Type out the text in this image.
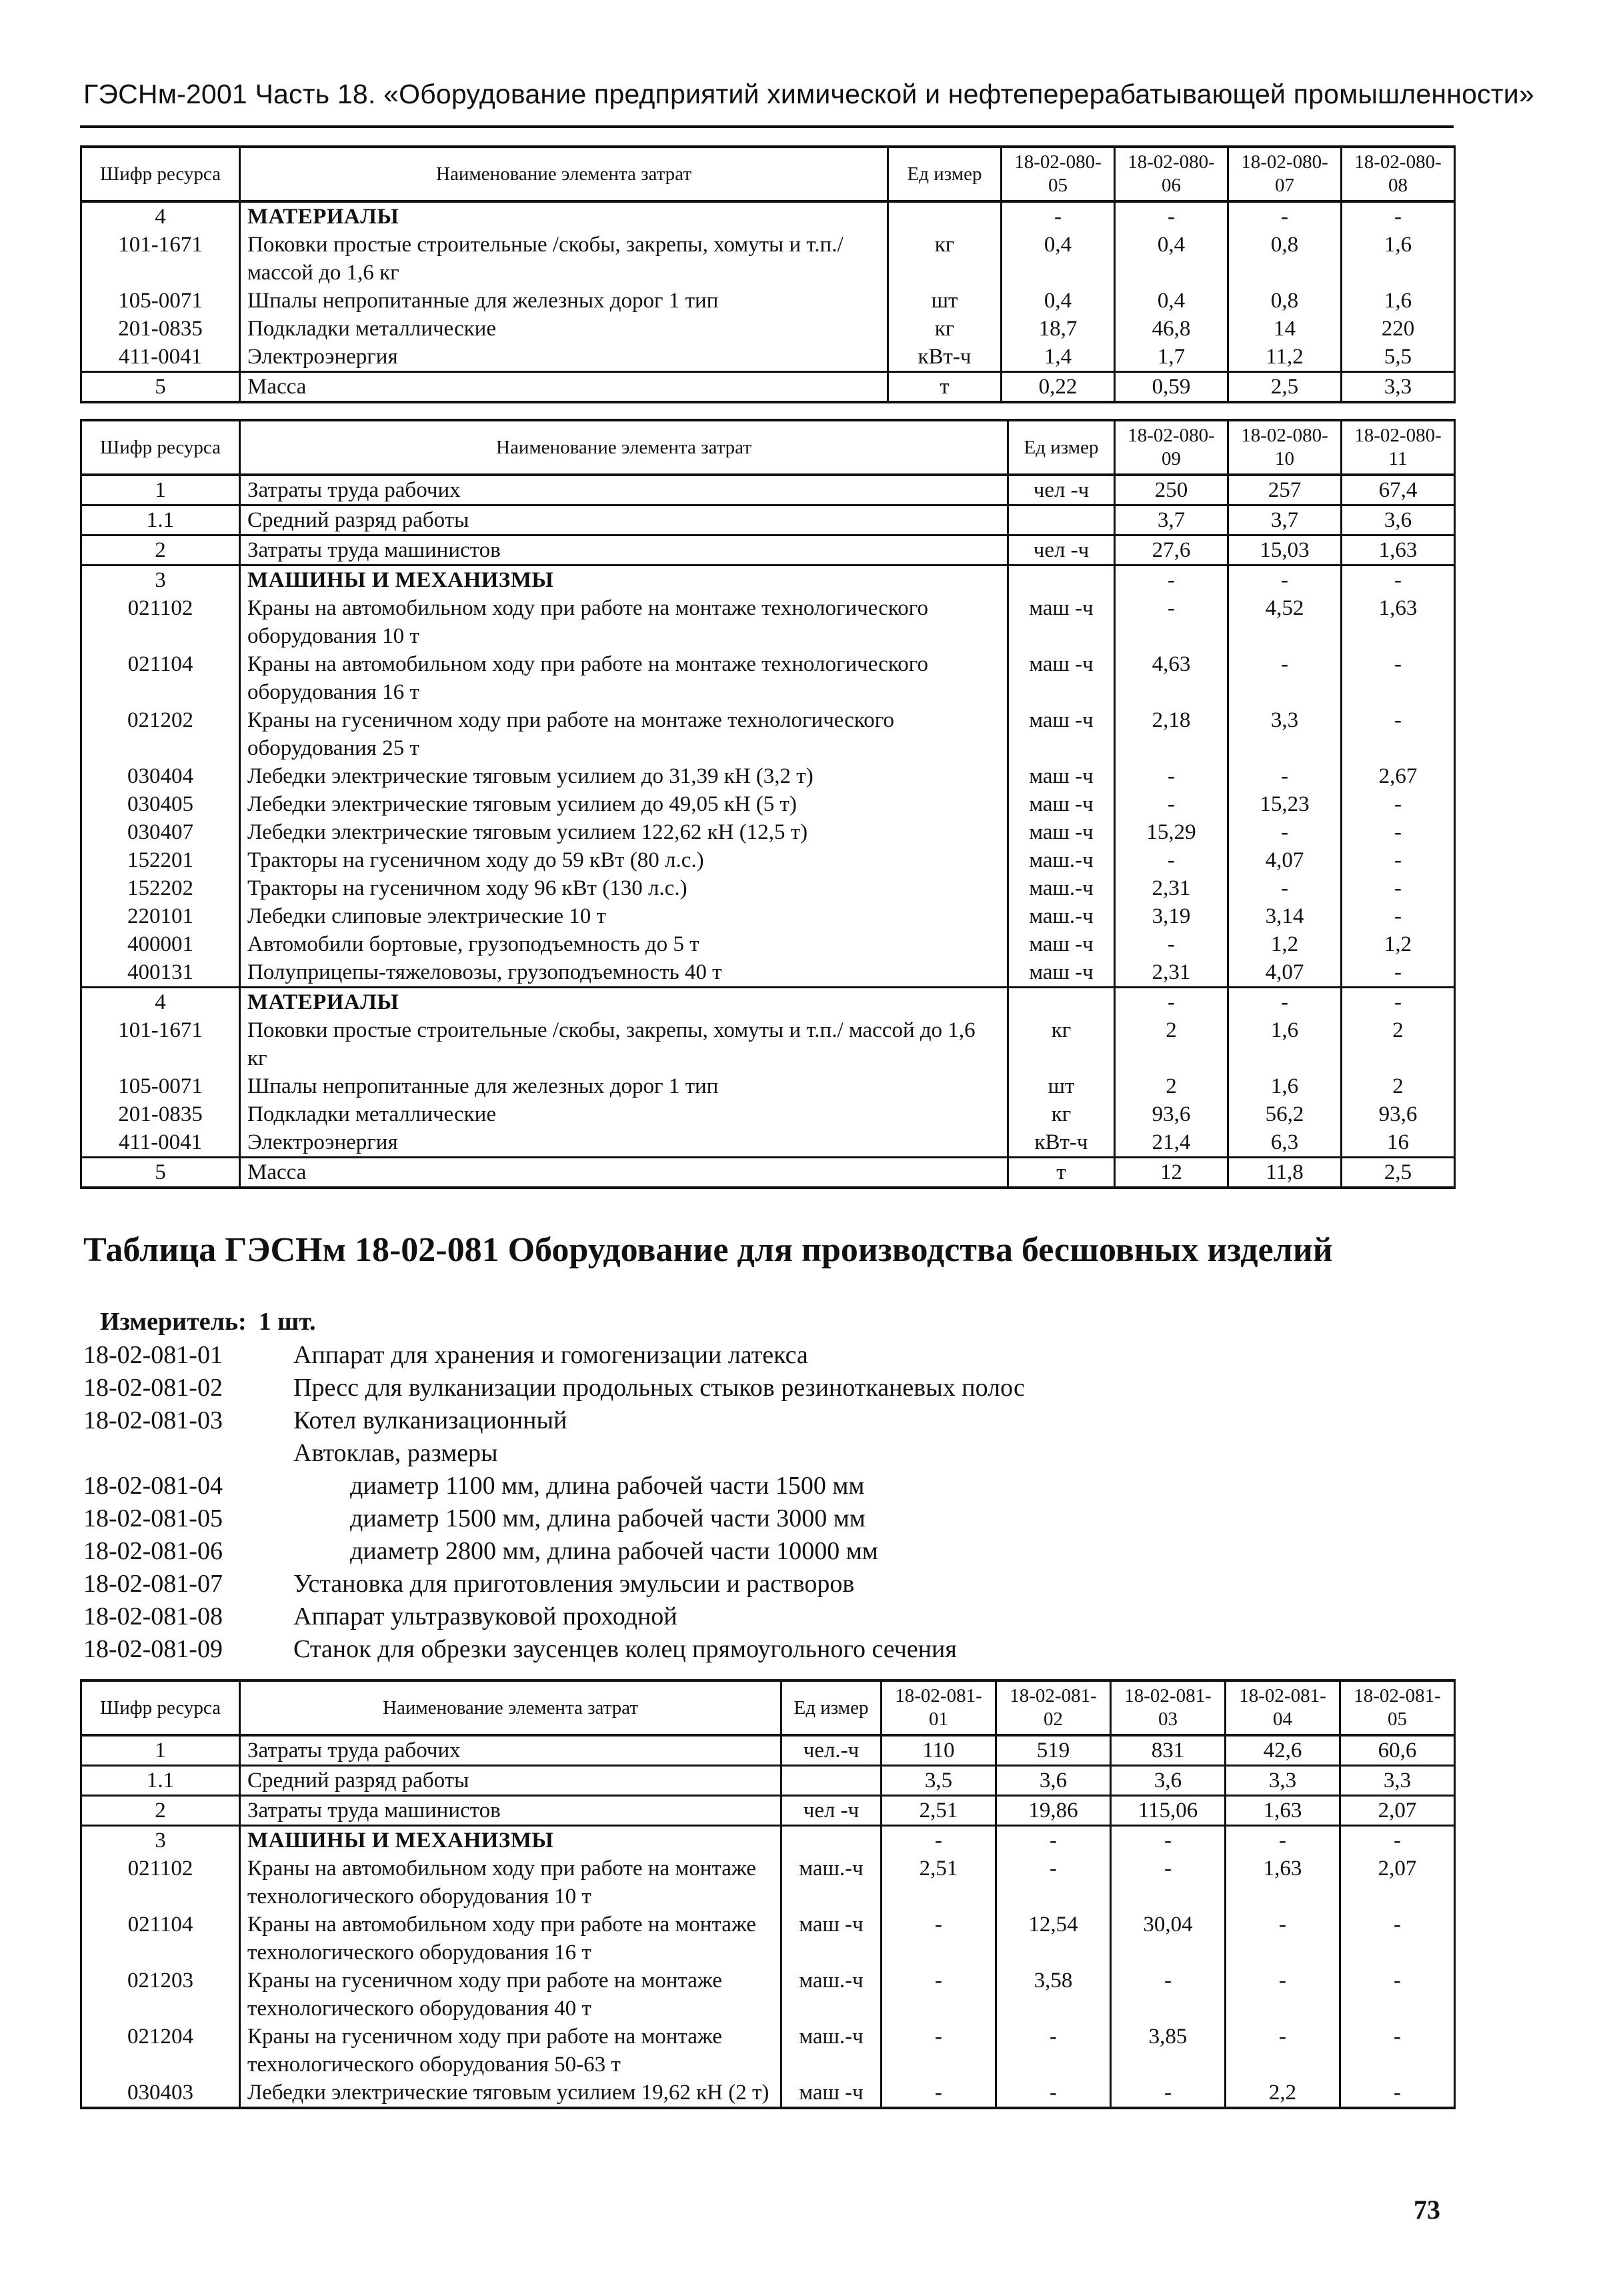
ГЭСНм-2001 Часть 18. «Оборудование предприятий химической и нефтеперерабатывающей промышленности»
Шифр ресурса	Наименование элемента затрат	Ед измер	18-02-080-05	18-02-080-06	18-02-080-07	18-02-080-08
4	МАТЕРИАЛЫ		-	-	-	-
101-1671	Поковки простые строительные /скобы, закрепы, хомуты и т.п./ массой до 1,6 кг	кг	0,4	0,4	0,8	1,6
105-0071	Шпалы непропитанные для железных дорог 1 тип	шт	0,4	0,4	0,8	1,6
201-0835	Подкладки металлические	кг	18,7	46,8	14	220
411-0041	Электроэнергия	кВт-ч	1,4	1,7	11,2	5,5
5	Масса	т	0,22	0,59	2,5	3,3
Шифр ресурса	Наименование элемента затрат	Ед измер	18-02-080-09	18-02-080-10	18-02-080-11
1	Затраты труда рабочих	чел -ч	250	257	67,4
1.1	Средний разряд работы		3,7	3,7	3,6
2	Затраты труда машинистов	чел -ч	27,6	15,03	1,63
3	МАШИНЫ И МЕХАНИЗМЫ		-	-	-
021102	Краны на автомобильном ходу при работе на монтаже технологического оборудования 10 т	маш -ч	-	4,52	1,63
021104	Краны на автомобильном ходу при работе на монтаже технологического оборудования 16 т	маш -ч	4,63	-	-
021202	Краны на гусеничном ходу при работе на монтаже технологического оборудования 25 т	маш -ч	2,18	3,3	-
030404	Лебедки электрические тяговым усилием до 31,39 кН (3,2 т)	маш -ч	-	-	2,67
030405	Лебедки электрические тяговым усилием до 49,05 кН (5 т)	маш -ч	-	15,23	-
030407	Лебедки электрические тяговым усилием 122,62 кН (12,5 т)	маш -ч	15,29	-	-
152201	Тракторы на гусеничном ходу до 59 кВт (80 л.с.)	маш.-ч	-	4,07	-
152202	Тракторы на гусеничном ходу 96 кВт (130 л.с.)	маш.-ч	2,31	-	-
220101	Лебедки слиповые электрические 10 т	маш.-ч	3,19	3,14	-
400001	Автомобили бортовые, грузоподъемность до 5 т	маш -ч	-	1,2	1,2
400131	Полуприцепы-тяжеловозы, грузоподъемность 40 т	маш -ч	2,31	4,07	-
4	МАТЕРИАЛЫ		-	-	-
101-1671	Поковки простые строительные /скобы, закрепы, хомуты и т.п./ массой до 1,6 кг	кг	2	1,6	2
105-0071	Шпалы непропитанные для железных дорог 1 тип	шт	2	1,6	2
201-0835	Подкладки металлические	кг	93,6	56,2	93,6
411-0041	Электроэнергия	кВт-ч	21,4	6,3	16
5	Масса	т	12	11,8	2,5
Таблица ГЭСНм 18-02-081 Оборудование для производства бесшовных изделий
Измеритель: 1 шт.
18-02-081-01	Аппарат для хранения и гомогенизации латекса
18-02-081-02	Пресс для вулканизации продольных стыков резинотканевых полос
18-02-081-03	Котел вулканизационный
Автоклав, размеры
18-02-081-04	диаметр 1100 мм, длина рабочей части 1500 мм
18-02-081-05	диаметр 1500 мм, длина рабочей части 3000 мм
18-02-081-06	диаметр 2800 мм, длина рабочей части 10000 мм
18-02-081-07	Установка для приготовления эмульсии и растворов
18-02-081-08	Аппарат ультразвуковой проходной
18-02-081-09	Станок для обрезки заусенцев колец прямоугольного сечения
Шифр ресурса	Наименование элемента затрат	Ед измер	18-02-081-01	18-02-081-02	18-02-081-03	18-02-081-04	18-02-081-05
1	Затраты труда рабочих	чел.-ч	110	519	831	42,6	60,6
1.1	Средний разряд работы		3,5	3,6	3,6	3,3	3,3
2	Затраты труда машинистов	чел -ч	2,51	19,86	115,06	1,63	2,07
3	МАШИНЫ И МЕХАНИЗМЫ		-	-	-	-	-
021102	Краны на автомобильном ходу при работе на монтаже технологического оборудования 10 т	маш.-ч	2,51	-	-	1,63	2,07
021104	Краны на автомобильном ходу при работе на монтаже технологического оборудования 16 т	маш -ч	-	12,54	30,04	-	-
021203	Краны на гусеничном ходу при работе на монтаже технологического оборудования 40 т	маш.-ч	-	3,58	-	-	-
021204	Краны на гусеничном ходу при работе на монтаже технологического оборудования 50-63 т	маш.-ч	-	-	3,85	-	-
030403	Лебедки электрические тяговым усилием 19,62 кН (2 т)	маш -ч	-	-	-	2,2	-
73
